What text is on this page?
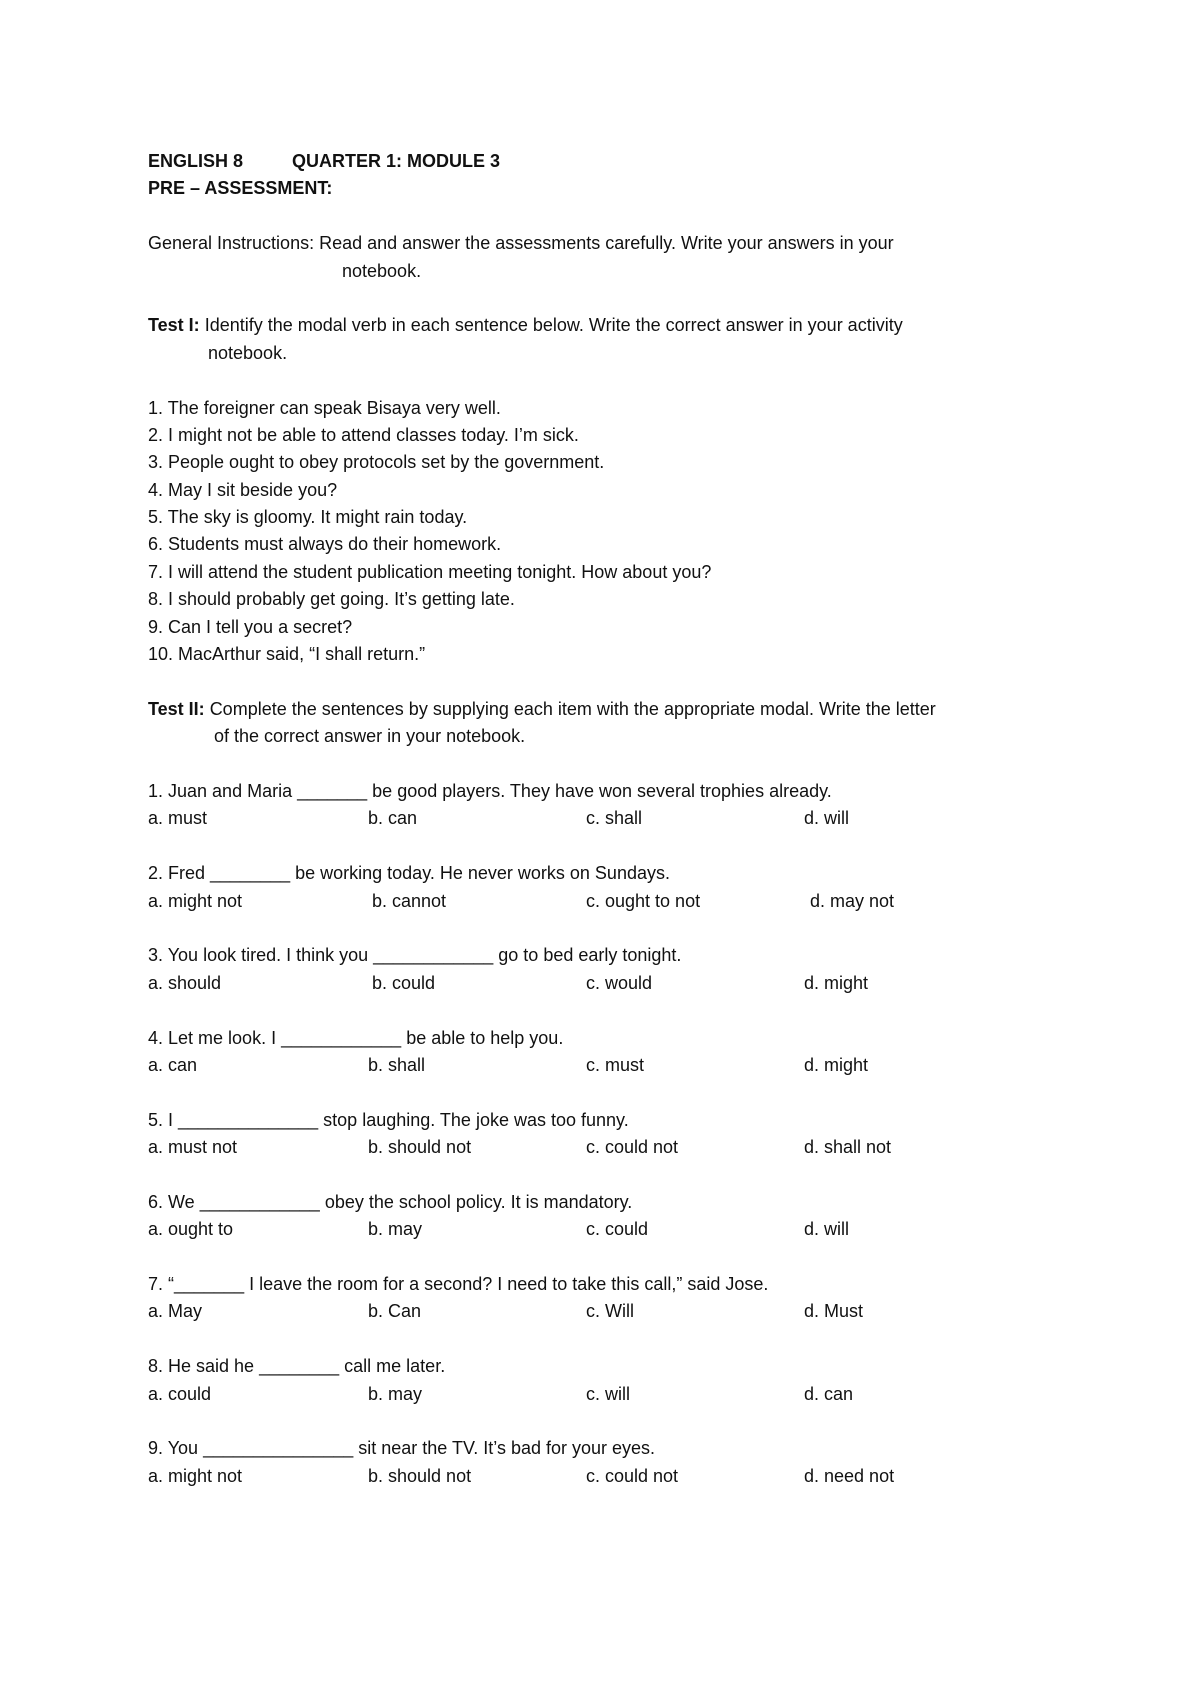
ENGLISH 8	QUARTER 1: MODULE 3
PRE – ASSESSMENT:
General Instructions: Read and answer the assessments carefully. Write your answers in your
notebook.
Test I: Identify the modal verb in each sentence below. Write the correct answer in your activity
notebook.
1. The foreigner can speak Bisaya very well.
2. I might not be able to attend classes today. I’m sick.
3. People ought to obey protocols set by the government.
4. May I sit beside you?
5. The sky is gloomy. It might rain today.
6. Students must always do their homework.
7. I will attend the student publication meeting tonight. How about you?
8. I should probably get going. It’s getting late.
9. Can I tell you a secret?
10. MacArthur said, “I shall return.”
Test II: Complete the sentences by supplying each item with the appropriate modal. Write the letter
of the correct answer in your notebook.
1. Juan and Maria _______ be good players. They have won several trophies already.
a. must	b. can	c. shall	d. will
2. Fred ________ be working today. He never works on Sundays.
a. might not	b. cannot	c. ought to not	d. may not
3. You look tired. I think you ____________ go to bed early tonight.
a. should	b. could	c. would	d. might
4. Let me look. I ____________ be able to help you.
a. can	b. shall	c. must	d. might
5. I ______________ stop laughing. The joke was too funny.
a. must not	b. should not	c. could not	d. shall not
6. We ____________ obey the school policy. It is mandatory.
a. ought to	b. may	c. could	d. will
7. “_______ I leave the room for a second? I need to take this call,” said Jose.
a. May	b. Can	c. Will	d. Must
8. He said he ________ call me later.
a. could	b. may	c. will	d. can
9. You _______________ sit near the TV. It’s bad for your eyes.
a. might not	b. should not	c. could not	d. need not
